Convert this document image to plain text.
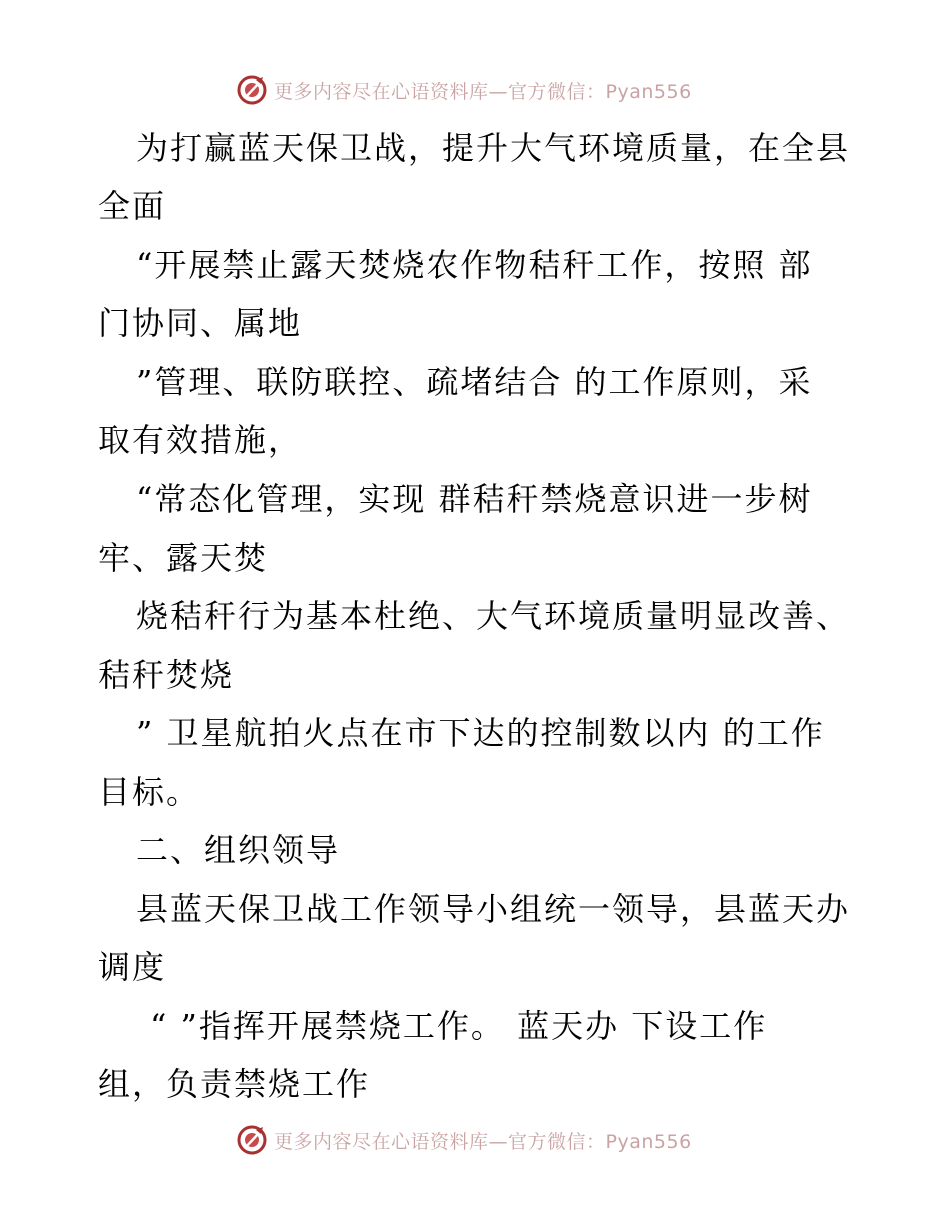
更多内容尽在心语资料库—官方微信：Pyan556
为打赢蓝天保卫战，提升大气环境质量，在全县
全面
“开展禁止露天焚烧农作物秸秆工作，按照 部
门协同、属地
”管理、联防联控、疏堵结合 的工作原则，采
取有效措施，
“常态化管理，实现 群秸秆禁烧意识进一步树
牢、露天焚
烧秸秆行为基本杜绝、大气环境质量明显改善、
秸秆焚烧
” 卫星航拍火点在市下达的控制数以内 的工作
目标。
二、组织领导
县蓝天保卫战工作领导小组统一领导，县蓝天办
调度
“ ”指挥开展禁烧工作。 蓝天办 下设工作
组，负责禁烧工作
更多内容尽在心语资料库—官方微信：Pyan556
